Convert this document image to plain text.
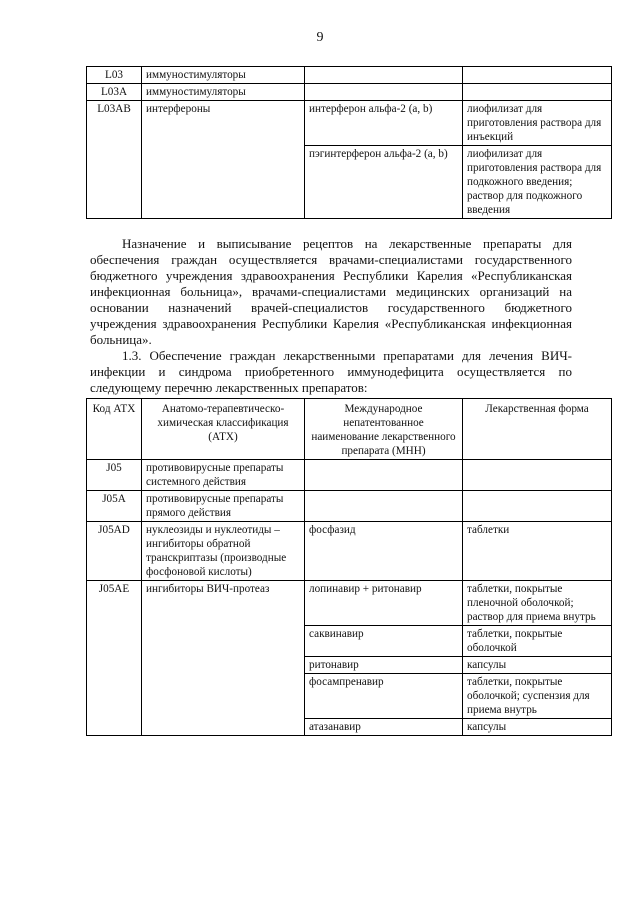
9
L03	иммуностимуляторы		
L03A	иммуностимуляторы		
L03AB	интерфероны	интерферон альфа-2 (a, b)	лиофилизат для приготовления раствора для инъекций
		пэгинтерферон альфа-2 (a, b)	лиофилизат для приготовления раствора для подкожного введения; раствор для подкожного введения

Назначение и выписывание рецептов на лекарственные препараты для обеспечения граждан осуществляется врачами-специалистами государственного бюджетного учреждения здравоохранения Республики Карелия «Республиканская инфекционная больница», врачами-специалистами медицинских организаций на основании назначений врачей-специалистов государственного бюджетного учреждения здравоохранения Республики Карелия «Республиканская инфекционная больница».

1.3. Обеспечение граждан лекарственными препаратами для лечения ВИЧ-инфекции и синдрома приобретенного иммунодефицита осуществляется по следующему перечню лекарственных препаратов:

Код АТХ	Анатомо-терапевтическо-химическая классификация (АТХ)	Международное непатентованное наименование лекарственного препарата (МНН)	Лекарственная форма
J05	противовирусные препараты системного действия		
J05A	противовирусные препараты прямого действия		
J05AD	нуклеозиды и нуклеотиды – ингибиторы обратной транскриптазы (производные фосфоновой кислоты)	фосфазид	таблетки
J05AE	ингибиторы ВИЧ-протеаз	лопинавир + ритонавир	таблетки, покрытые пленочной оболочкой; раствор для приема внутрь
		саквинавир	таблетки, покрытые оболочкой
		ритонавир	капсулы
		фосампренавир	таблетки, покрытые оболочкой; суспензия для приема внутрь
		атазанавир	капсулы
